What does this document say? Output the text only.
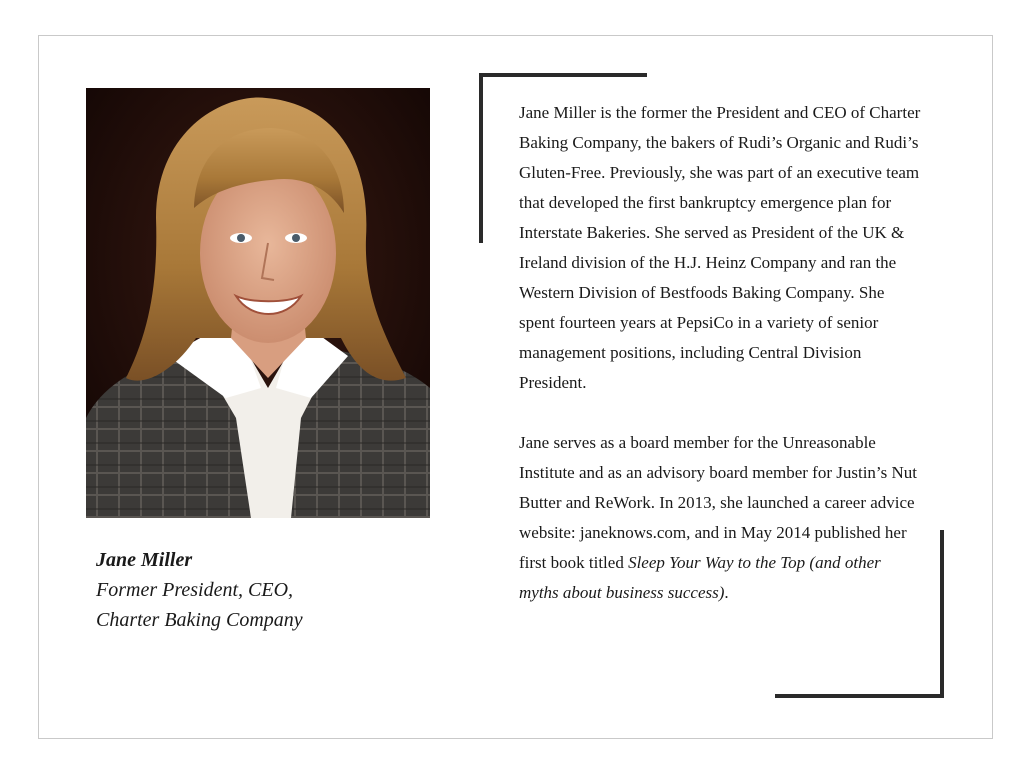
Jane Miller
Former President, CEO,
Charter Baking Company

Jane Miller is the former the President and CEO of Charter Baking Company, the bakers of Rudi’s Organic and Rudi’s Gluten-Free. Previously, she was part of an executive team that developed the first bankruptcy emergence plan for Interstate Bakeries. She served as President of the UK & Ireland division of the H.J. Heinz Company and ran the Western Division of Bestfoods Baking Company. She spent fourteen years at PepsiCo in a variety of senior management positions, including Central Division President.

Jane serves as a board member for the Unreasonable Institute and as an advisory board member for Justin’s Nut Butter and ReWork. In 2013, she launched a career advice website: janeknows.com, and in May 2014 published her first book titled Sleep Your Way to the Top (and other myths about business success).
